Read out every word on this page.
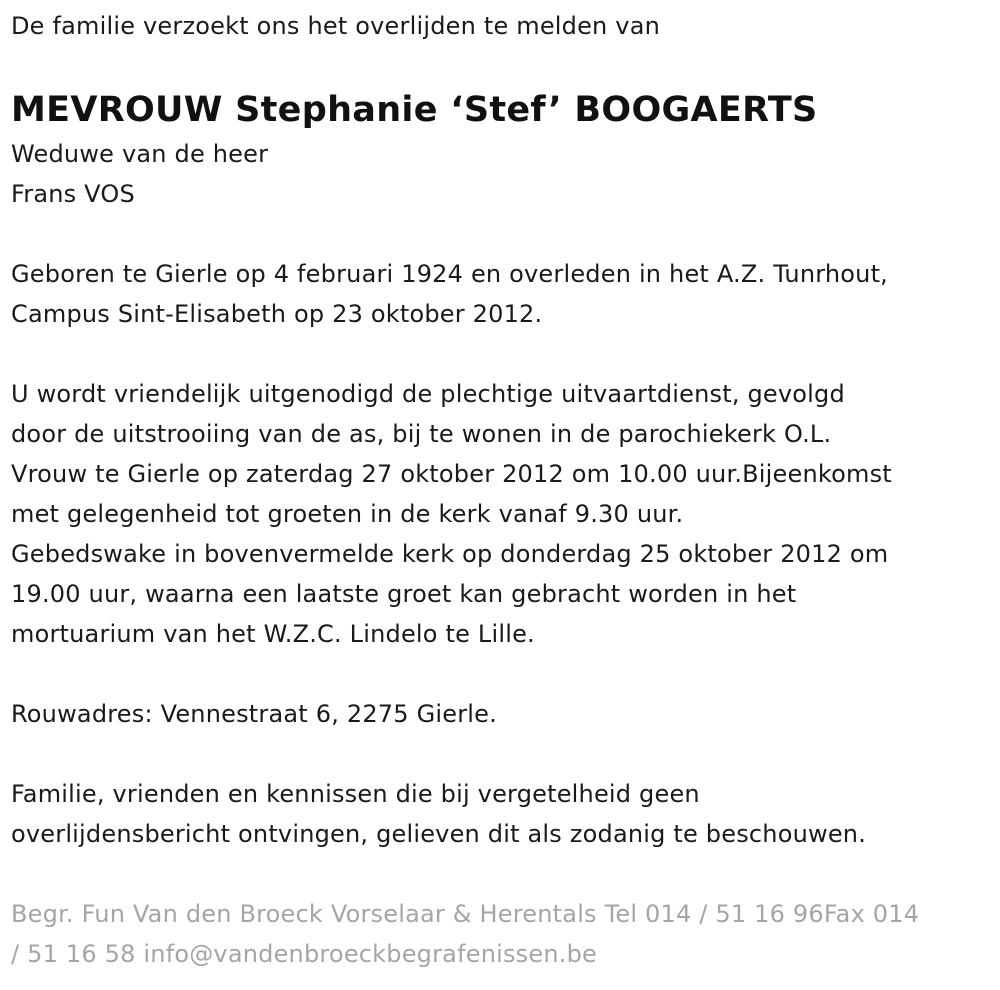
De familie verzoekt ons het overlijden te melden van

MEVROUW Stephanie ‘Stef’ BOOGAERTS

Weduwe van de heer
Frans VOS

Geboren te Gierle op 4 februari 1924 en overleden in het A.Z. Tunrhout,
Campus Sint-Elisabeth op 23 oktober 2012.

U wordt vriendelijk uitgenodigd de plechtige uitvaartdienst, gevolgd
door de uitstrooiing van de as, bij te wonen in de parochiekerk O.L.
Vrouw te Gierle op zaterdag 27 oktober 2012 om 10.00 uur.Bijeenkomst
met gelegenheid tot groeten in de kerk vanaf 9.30 uur.
Gebedswake in bovenvermelde kerk op donderdag 25 oktober 2012 om
19.00 uur, waarna een laatste groet kan gebracht worden in het
mortuarium van het W.Z.C. Lindelo te Lille.

Rouwadres: Vennestraat 6, 2275 Gierle.

Familie, vrienden en kennissen die bij vergetelheid geen
overlijdensbericht ontvingen, gelieven dit als zodanig te beschouwen.

Begr. Fun Van den Broeck Vorselaar & Herentals Tel 014 / 51 16 96Fax 014
/ 51 16 58 info@vandenbroeckbegrafenissen.be
